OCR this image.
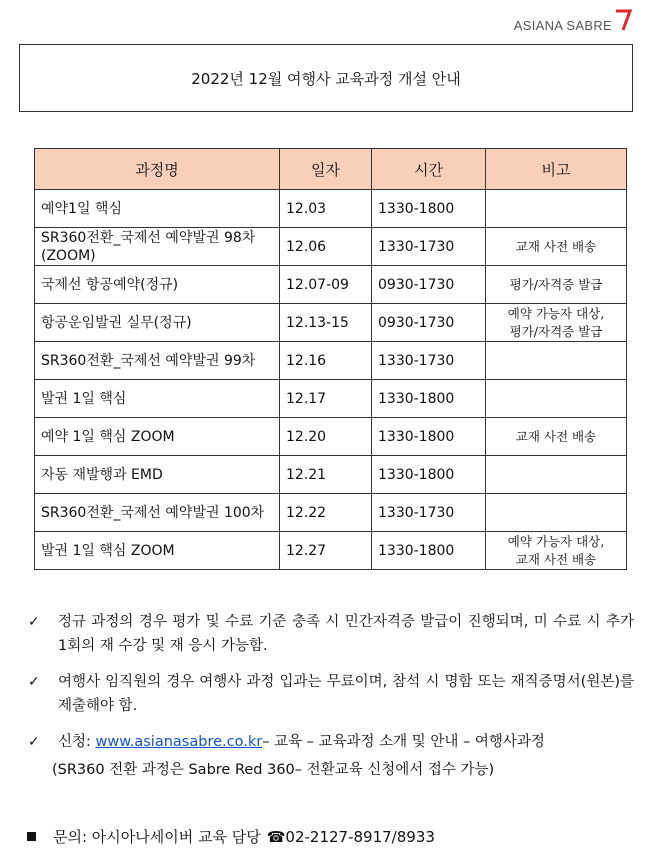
ASIANA SABRE
2022년 12월 여행사 교육과정 개설 안내
과정명	일자	시간	비고
예약1일 핵심	12.03	1330-1800	
SR360전환_국제선 예약발권 98차 (ZOOM)	12.06	1330-1730	교재 사전 배송
국제선 항공예약(정규)	12.07-09	0930-1730	평가/자격증 발급
항공운임발권 실무(정규)	12.13-15	0930-1730	예약 가능자 대상,
평가/자격증 발급
SR360전환_국제선 예약발권 99차	12.16	1330-1730	
발권 1일 핵심	12.17	1330-1800	
예약 1일 핵심 ZOOM	12.20	1330-1800	교재 사전 배송
자동 재발행과 EMD	12.21	1330-1800	
SR360전환_국제선 예약발권 100차	12.22	1330-1730	
발권 1일 핵심 ZOOM	12.27	1330-1800	예약 가능자 대상,
교재 사전 배송
✓	정규 과정의 경우 평가 및 수료 기준 충족 시 민간자격증 발급이 진행되며, 미 수료 시 추가 1회의 재 수강 및 재 응시 가능함.
✓	여행사 임직원의 경우 여행사 과정 입과는 무료이며, 참석 시 명함 또는 재직증명서(원본)를 제출해야 함.
✓	신청: www.asianasabre.co.kr– 교육 – 교육과정 소개 및 안내 – 여행사과정
(SR360 전환 과정은 Sabre Red 360– 전환교육 신청에서 접수 가능)
문의: 아시아나세이버 교육 담당 ☎ 02-2127-8917/8933
